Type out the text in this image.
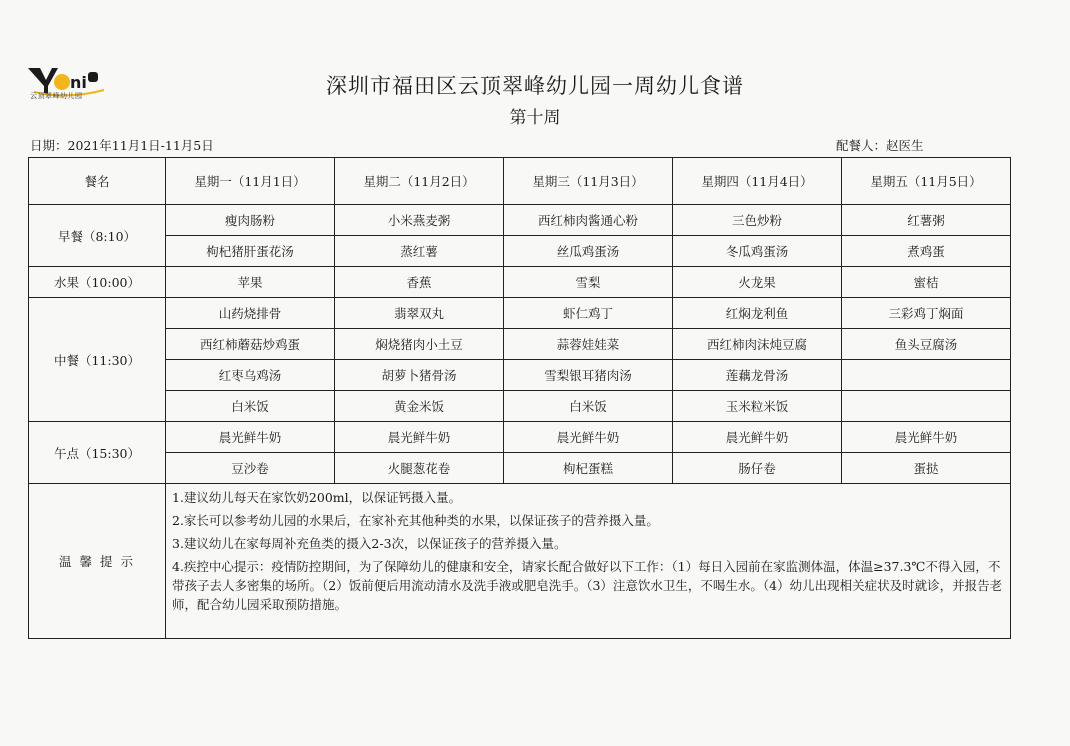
ni
云顶翠峰幼儿园	深圳市福田区云顶翠峰幼儿园一周幼儿食谱
第十周
日期：2021年11月1日-11月5日	配餐人：赵医生
餐名	星期一（11月1日）	星期二（11月2日）	星期三（11月3日）	星期四（11月4日）	星期五（11月5日）
早餐（8:10）	瘦肉肠粉	小米燕麦粥	西红柿肉酱通心粉	三色炒粉	红薯粥
	枸杞猪肝蛋花汤	蒸红薯	丝瓜鸡蛋汤	冬瓜鸡蛋汤	煮鸡蛋
水果（10:00）	苹果	香蕉	雪梨	火龙果	蜜桔
中餐（11:30）	山药烧排骨	翡翠双丸	虾仁鸡丁	红焖龙利鱼	三彩鸡丁焖面
	西红柿蘑菇炒鸡蛋	焖烧猪肉小土豆	蒜蓉娃娃菜	西红柿肉沫炖豆腐	鱼头豆腐汤
	红枣乌鸡汤	胡萝卜猪骨汤	雪梨银耳猪肉汤	莲藕龙骨汤	
	白米饭	黄金米饭	白米饭	玉米粒米饭	
午点（15:30）	晨光鲜牛奶	晨光鲜牛奶	晨光鲜牛奶	晨光鲜牛奶	晨光鲜牛奶
	豆沙卷	火腿葱花卷	枸杞蛋糕	肠仔卷	蛋挞
温 馨 提 示	1.建议幼儿每天在家饮奶200ml，以保证钙摄入量。
2.家长可以参考幼儿园的水果后，在家补充其他种类的水果，以保证孩子的营养摄入量。
3.建议幼儿在家每周补充鱼类的摄入2-3次，以保证孩子的营养摄入量。
4.疾控中心提示：疫情防控期间，为了保障幼儿的健康和安全，请家长配合做好以下工作：（1）每日入园前在家监测体温，体温≥37.3℃不得入园，不带孩子去人多密集的场所。（2）饭前便后用流动清水及洗手液或肥皂洗手。（3）注意饮水卫生，不喝生水。（4）幼儿出现相关症状及时就诊，并报告老师，配合幼儿园采取预防措施。				
